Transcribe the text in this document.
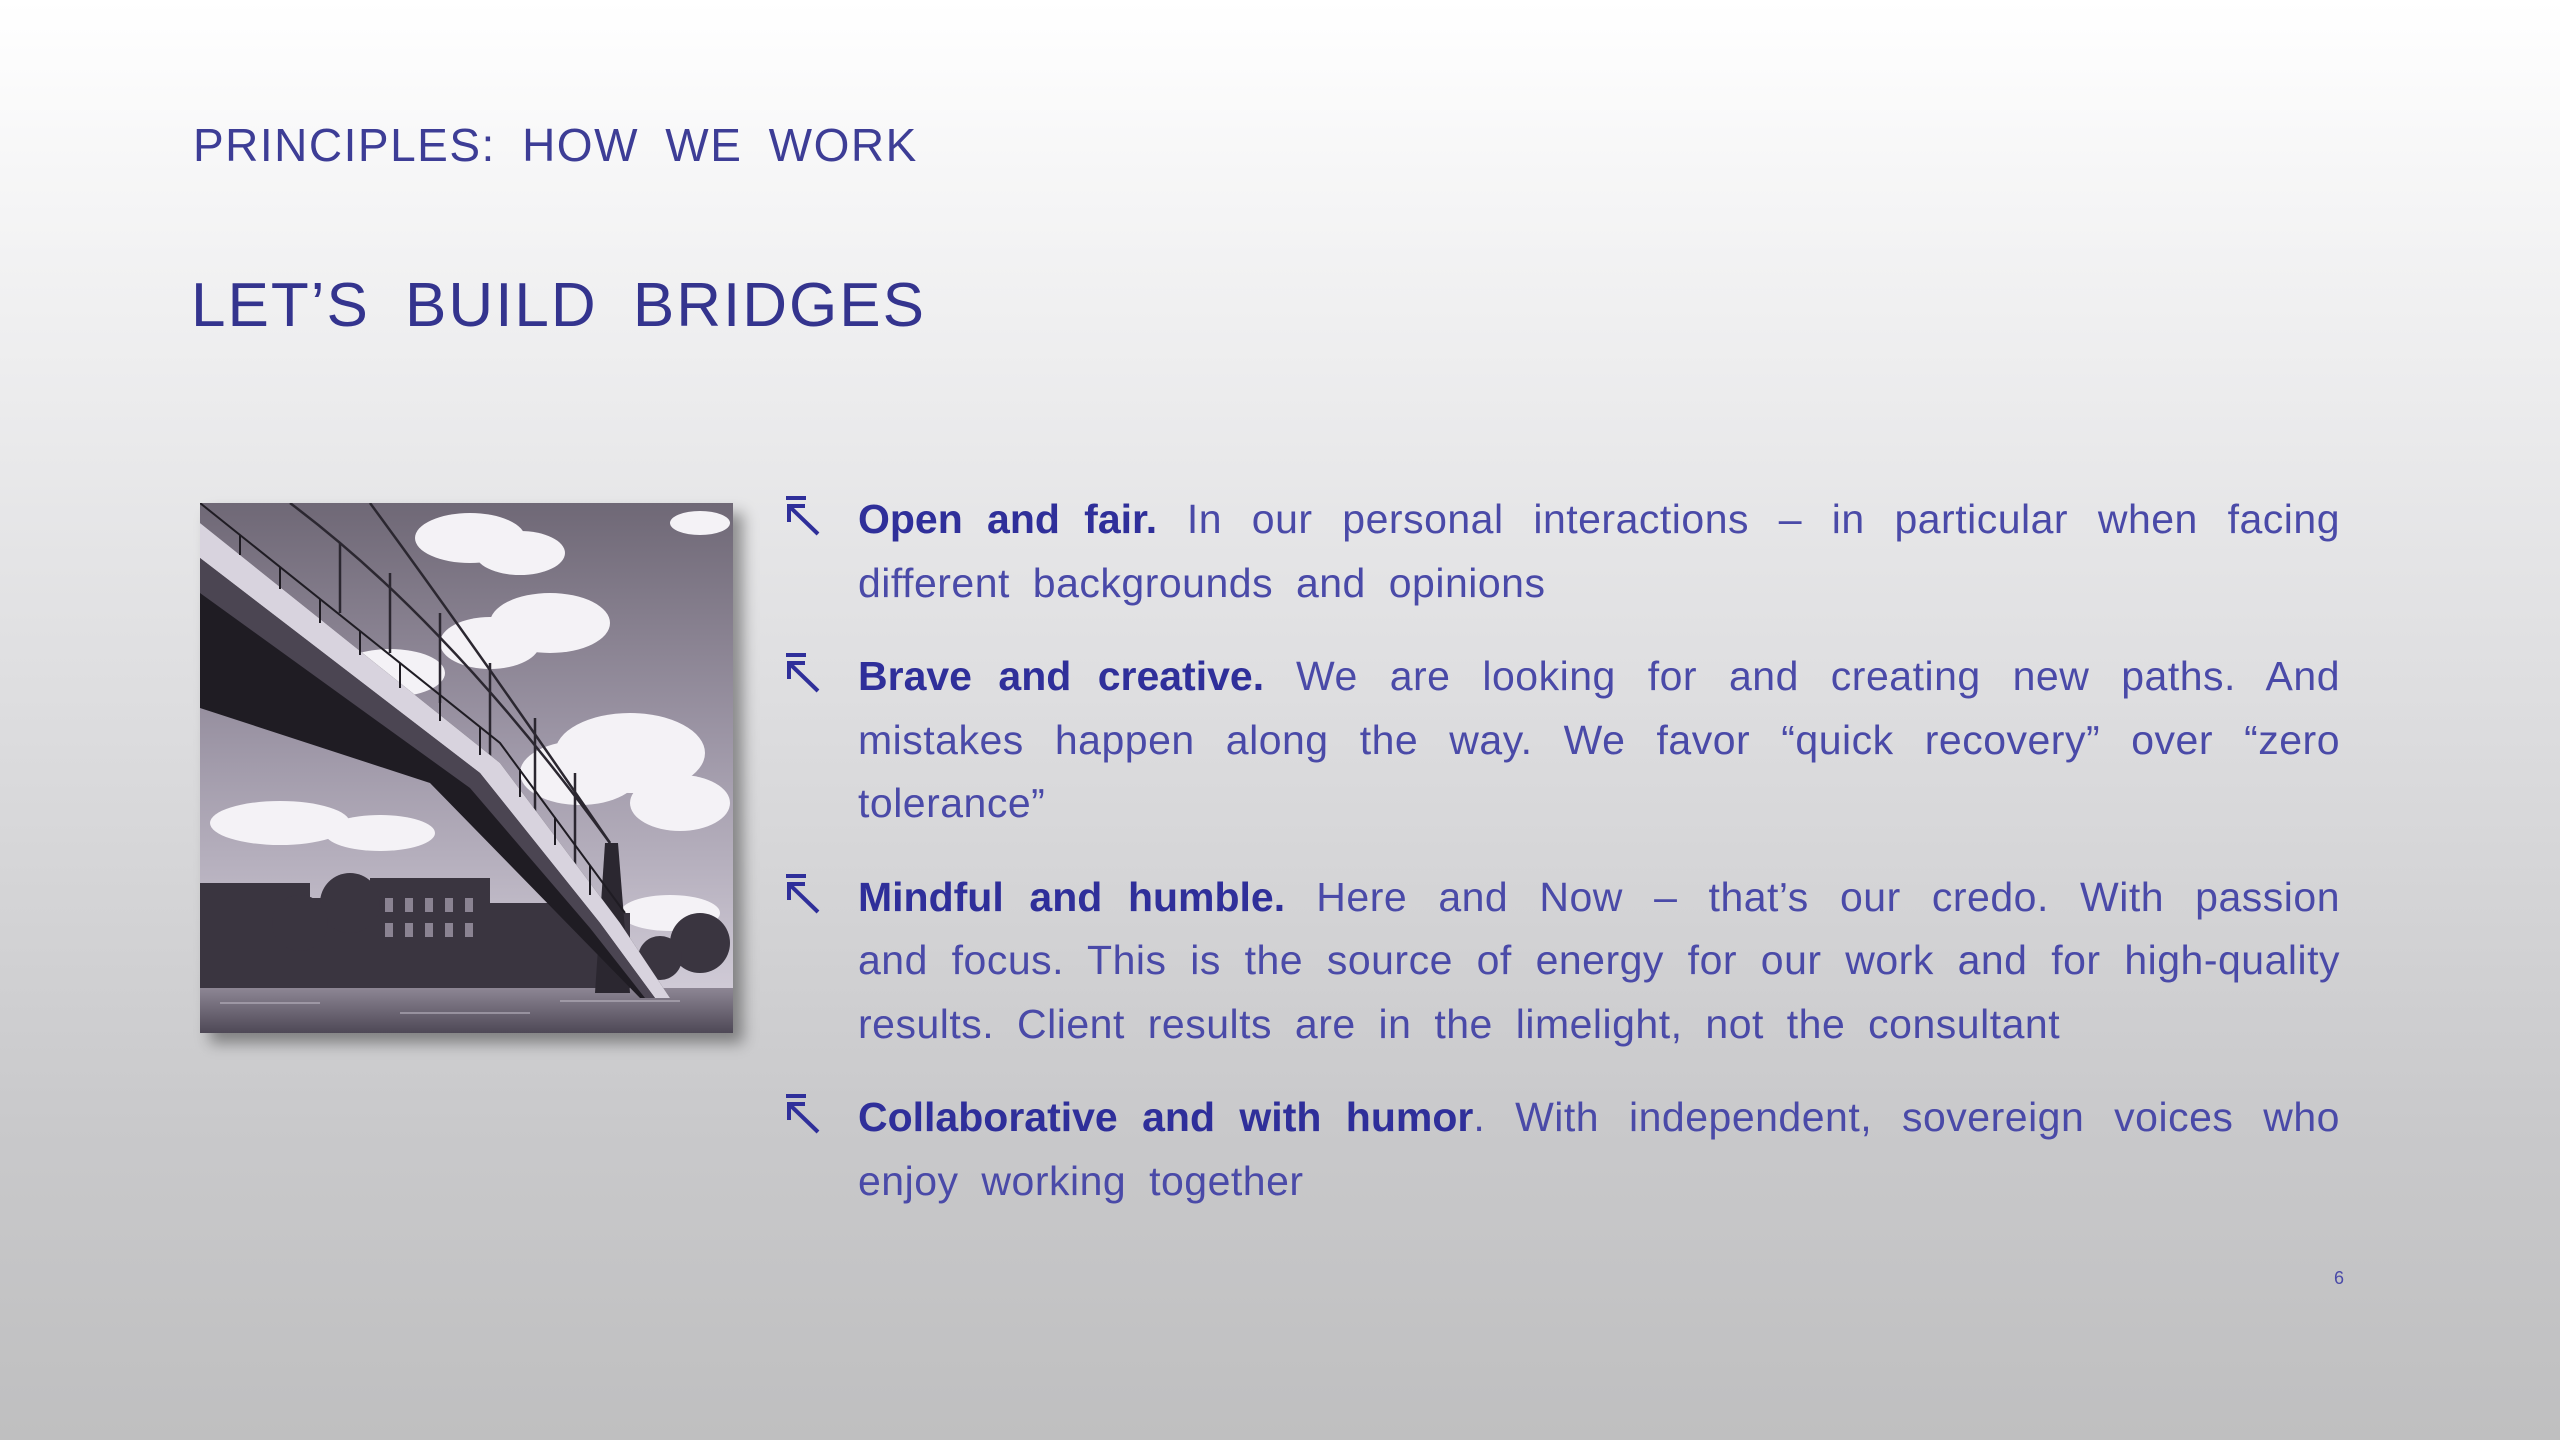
PRINCIPLES: HOW WE WORK
LET’S BUILD BRIDGES
Open and fair. In our personal interactions – in particular when facing different backgrounds and opinions
Brave and creative. We are looking for and creating new paths. And mistakes happen along the way. We favor “quick recovery” over “zero tolerance”
Mindful and humble. Here and Now – that’s our credo. With passion and focus. This is the source of energy for our work and for high-quality results. Client results are in the limelight, not the consultant
Collaborative and with humor. With independent, sovereign voices who enjoy working together
6
